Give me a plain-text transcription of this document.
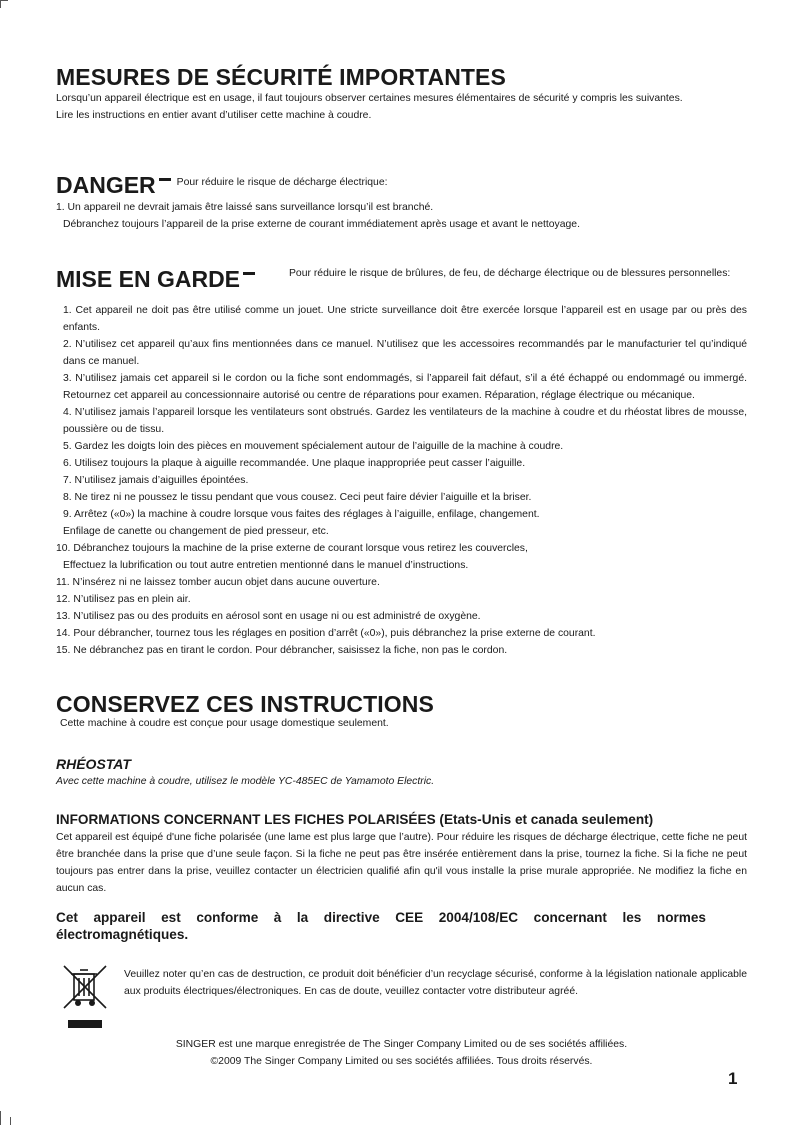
MESURES DE SÉCURITÉ IMPORTANTES

Lorsqu’un appareil électrique est en usage, il faut toujours observer certaines mesures élémentaires de sécurité y compris les suivantes.

Lire les instructions en entier avant d’utiliser cette machine à coudre.

DANGER Pour réduire le risque de décharge électrique:
1. Un appareil ne devrait jamais être laissé sans surveillance lorsqu’il est branché.
Débranchez toujours l’appareil de la prise externe de courant immédiatement après usage et avant le nettoyage.
MISE EN GARDE	Pour réduire le risque de brûlures, de feu, de décharge électrique ou de blessures personnelles:
1. Cet appareil ne doit pas être utilisé comme un jouet. Une stricte surveillance doit être exercée lorsque l’appareil est en usage par ou près des enfants.
2. N’utilisez cet appareil qu’aux fins mentionnées dans ce manuel. N’utilisez que les accessoires recommandés par le manufacturier tel qu’indiqué dans ce manuel.
3. N’utilisez jamais cet appareil si le cordon ou la fiche sont endommagés, si l’appareil fait défaut, s’il a été échappé ou endommagé ou immergé. Retournez cet appareil au concessionnaire autorisé ou centre de réparations pour examen. Réparation, réglage électrique ou mécanique.
4. N’utilisez jamais l’appareil lorsque les ventilateurs sont obstrués. Gardez les ventilateurs de la machine à coudre et du rhéostat libres de mousse, poussière ou de tissu.
5. Gardez les doigts loin des pièces en mouvement spécialement autour de l’aiguille de la machine à coudre.
6. Utilisez toujours la plaque à aiguille recommandée. Une plaque inappropriée peut casser l’aiguille.
7. N’utilisez jamais d’aiguilles épointées.
8. Ne tirez ni ne poussez le tissu pendant que vous cousez. Ceci peut faire dévier l’aiguille et la briser.
9. Arrêtez («0») la machine à coudre lorsque vous faites des réglages à l’aiguille, enfilage, changement.
Enfilage de canette ou changement de pied presseur, etc.
10. Débranchez toujours la machine de la prise externe de courant lorsque vous retirez les couvercles,
Effectuez la lubrification ou tout autre entretien mentionné dans le manuel d’instructions.
11. N’insérez ni ne laissez tomber aucun objet dans aucune ouverture.
12. N’utilisez pas en plein air.
13. N’utilisez pas ou des produits en aérosol sont en usage ni ou est administré de oxygène.
14. Pour débrancher, tournez tous les réglages en position d’arrêt («0»), puis débranchez la prise externe de courant.
15. Ne débranchez pas en tirant le cordon. Pour débrancher, saisissez la fiche, non pas le cordon.
CONSERVEZ CES INSTRUCTIONS

Cette machine à coudre est conçue pour usage domestique seulement.

RHÉOSTAT

Avec cette machine à coudre, utilisez le modèle YC-485EC de Yamamoto Electric.

INFORMATIONS CONCERNANT LES FICHES POLARISÉES (Etats-Unis et canada seulement)

Cet appareil est équipé d'une fiche polarisée (une lame est plus large que l’autre). Pour réduire les risques de décharge électrique, cette fiche ne peut être branchée dans la prise que d’une seule façon. Si la fiche ne peut pas être insérée entièrement dans la prise, tournez la fiche. Si la fiche ne peut toujours pas entrer dans la prise, veuillez contacter un électricien qualifié afin qu'il vous installe la prise murale appropriée. Ne modifiez la fiche en aucun cas.

Cet appareil est conforme à la directive CEE 2004/108/EC concernant les normes électromagnétiques.

Veuillez noter qu’en cas de destruction, ce produit doit bénéficier d’un recyclage sécurisé, conforme à la législation nationale applicable aux produits électriques/électroniques. En cas de doute, veuillez contacter votre distributeur agréé.

SINGER est une marque enregistrée de The Singer Company Limited ou de ses sociétés affiliées.

©2009 The Singer Company Limited ou ses sociétés affiliées. Tous droits réservés.

1
